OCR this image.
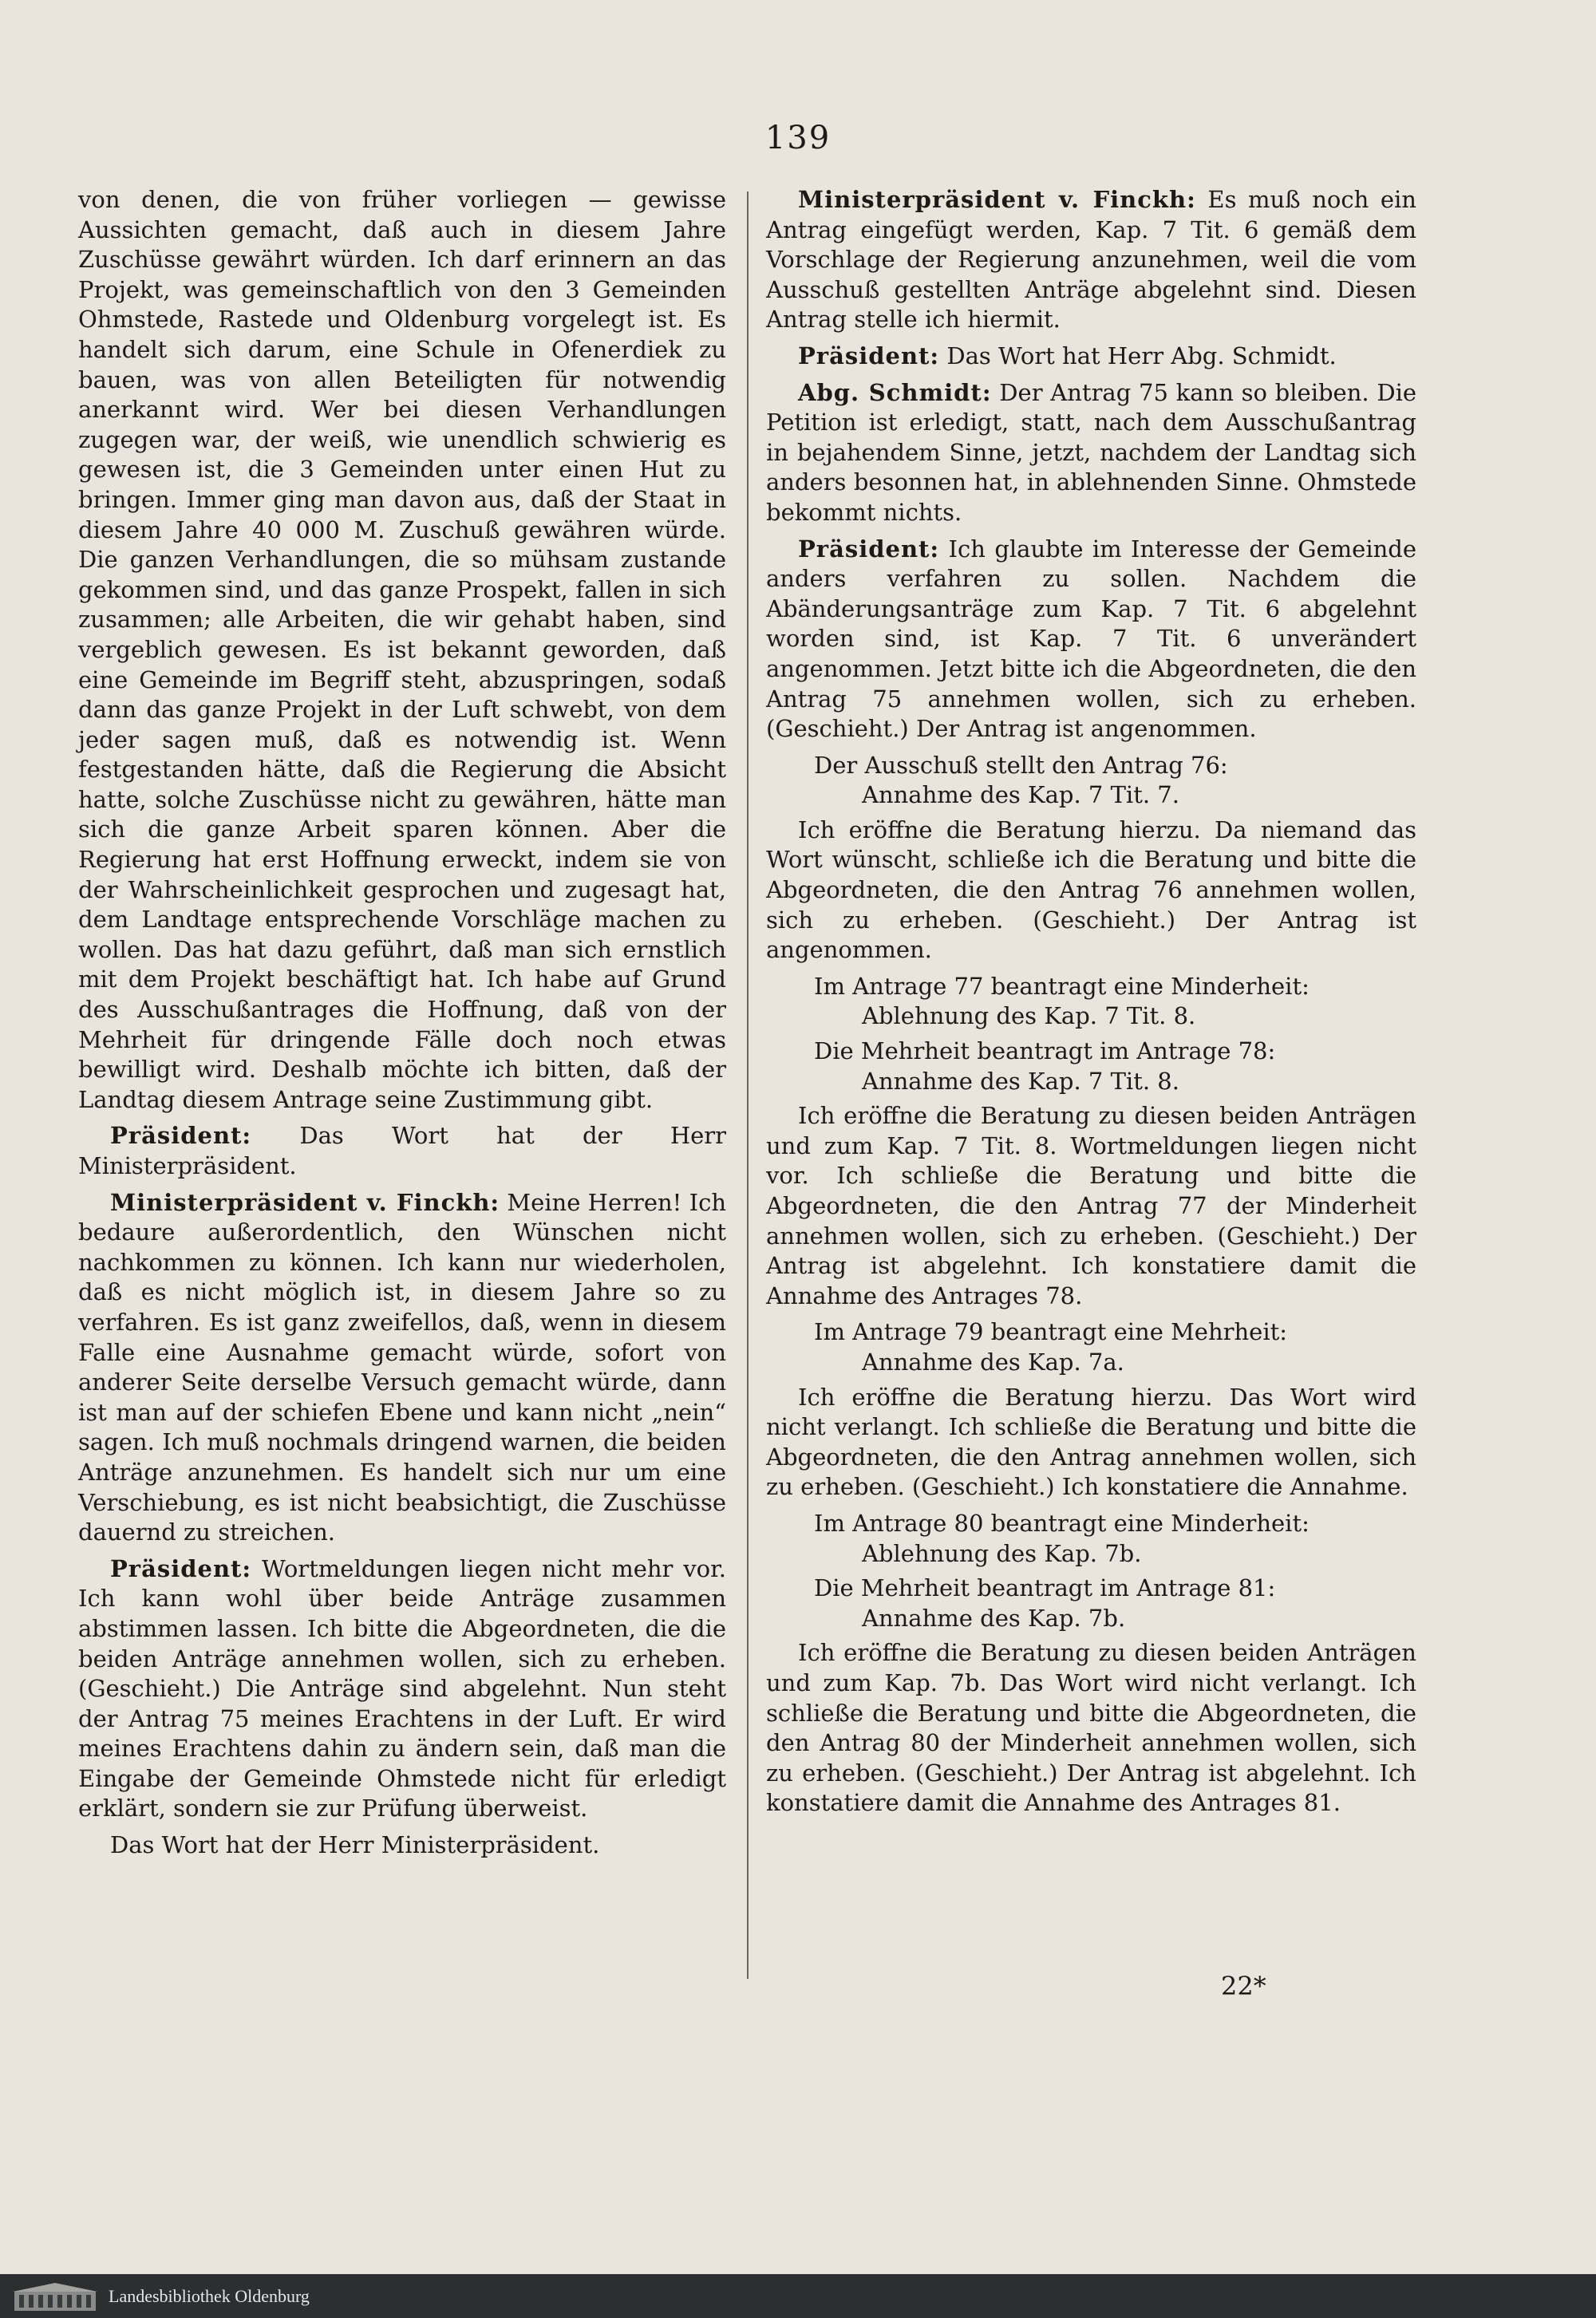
139

von denen, die von früher vorliegen — gewisse Aussichten gemacht, daß auch in diesem Jahre Zuschüsse gewährt würden. Ich darf erinnern an das Projekt, was gemeinschaftlich von den 3 Gemeinden Ohmstede, Rastede und Oldenburg vorgelegt ist. Es handelt sich darum, eine Schule in Ofenerdiek zu bauen, was von allen Beteiligten für notwendig anerkannt wird. Wer bei diesen Verhandlungen zugegen war, der weiß, wie unendlich schwierig es gewesen ist, die 3 Gemeinden unter einen Hut zu bringen. Immer ging man davon aus, daß der Staat in diesem Jahre 40 000 M. Zuschuß gewähren würde. Die ganzen Verhandlungen, die so mühsam zustande gekommen sind, und das ganze Prospekt, fallen in sich zusammen; alle Arbeiten, die wir gehabt haben, sind vergeblich gewesen. Es ist bekannt geworden, daß eine Gemeinde im Begriff steht, abzuspringen, sodaß dann das ganze Projekt in der Luft schwebt, von dem jeder sagen muß, daß es notwendig ist. Wenn festgestanden hätte, daß die Regierung die Absicht hatte, solche Zuschüsse nicht zu gewähren, hätte man sich die ganze Arbeit sparen können. Aber die Regierung hat erst Hoffnung erweckt, indem sie von der Wahrscheinlichkeit gesprochen und zugesagt hat, dem Landtage entsprechende Vorschläge machen zu wollen. Das hat dazu geführt, daß man sich ernstlich mit dem Projekt beschäftigt hat. Ich habe auf Grund des Ausschußantrages die Hoffnung, daß von der Mehrheit für dringende Fälle doch noch etwas bewilligt wird. Deshalb möchte ich bitten, daß der Landtag diesem Antrage seine Zustimmung gibt.

Präsident: Das Wort hat der Herr Ministerpräsident.

Ministerpräsident v. Finckh: Meine Herren! Ich bedaure außerordentlich, den Wünschen nicht nachkommen zu können. Ich kann nur wiederholen, daß es nicht möglich ist, in diesem Jahre so zu verfahren. Es ist ganz zweifellos, daß, wenn in diesem Falle eine Ausnahme gemacht würde, sofort von anderer Seite derselbe Versuch gemacht würde, dann ist man auf der schiefen Ebene und kann nicht „nein“ sagen. Ich muß nochmals dringend warnen, die beiden Anträge anzunehmen. Es handelt sich nur um eine Verschiebung, es ist nicht beabsichtigt, die Zuschüsse dauernd zu streichen.

Präsident: Wortmeldungen liegen nicht mehr vor. Ich kann wohl über beide Anträge zusammen abstimmen lassen. Ich bitte die Abgeordneten, die die beiden Anträge annehmen wollen, sich zu erheben. (Geschieht.) Die Anträge sind abgelehnt. Nun steht der Antrag 75 meines Erachtens in der Luft. Er wird meines Erachtens dahin zu ändern sein, daß man die Eingabe der Gemeinde Ohmstede nicht für erledigt erklärt, sondern sie zur Prüfung überweist.

Das Wort hat der Herr Ministerpräsident.

Ministerpräsident v. Finckh: Es muß noch ein Antrag eingefügt werden, Kap. 7 Tit. 6 gemäß dem Vorschlage der Regierung anzunehmen, weil die vom Ausschuß gestellten Anträge abgelehnt sind. Diesen Antrag stelle ich hiermit.

Präsident: Das Wort hat Herr Abg. Schmidt.

Abg. Schmidt: Der Antrag 75 kann so bleiben. Die Petition ist erledigt, statt, nach dem Ausschußantrag in bejahendem Sinne, jetzt, nachdem der Landtag sich anders besonnen hat, in ablehnenden Sinne. Ohmstede bekommt nichts.

Präsident: Ich glaubte im Interesse der Gemeinde anders verfahren zu sollen. Nachdem die Abänderungsanträge zum Kap. 7 Tit. 6 abgelehnt worden sind, ist Kap. 7 Tit. 6 unverändert angenommen. Jetzt bitte ich die Abgeordneten, die den Antrag 75 annehmen wollen, sich zu erheben. (Geschieht.) Der Antrag ist angenommen.

Der Ausschuß stellt den Antrag 76:
Annahme des Kap. 7 Tit. 7.

Ich eröffne die Beratung hierzu. Da niemand das Wort wünscht, schließe ich die Beratung und bitte die Abgeordneten, die den Antrag 76 annehmen wollen, sich zu erheben. (Geschieht.) Der Antrag ist angenommen.

Im Antrage 77 beantragt eine Minderheit:
Ablehnung des Kap. 7 Tit. 8.

Die Mehrheit beantragt im Antrage 78:
Annahme des Kap. 7 Tit. 8.

Ich eröffne die Beratung zu diesen beiden Anträgen und zum Kap. 7 Tit. 8. Wortmeldungen liegen nicht vor. Ich schließe die Beratung und bitte die Abgeordneten, die den Antrag 77 der Minderheit annehmen wollen, sich zu erheben. (Geschieht.) Der Antrag ist abgelehnt. Ich konstatiere damit die Annahme des Antrages 78.

Im Antrage 79 beantragt eine Mehrheit:
Annahme des Kap. 7a.

Ich eröffne die Beratung hierzu. Das Wort wird nicht verlangt. Ich schließe die Beratung und bitte die Abgeordneten, die den Antrag annehmen wollen, sich zu erheben. (Geschieht.) Ich konstatiere die Annahme.

Im Antrage 80 beantragt eine Minderheit:
Ablehnung des Kap. 7b.

Die Mehrheit beantragt im Antrage 81:
Annahme des Kap. 7b.

Ich eröffne die Beratung zu diesen beiden Anträgen und zum Kap. 7b. Das Wort wird nicht verlangt. Ich schließe die Beratung und bitte die Abgeordneten, die den Antrag 80 der Minderheit annehmen wollen, sich zu erheben. (Geschieht.) Der Antrag ist abgelehnt. Ich konstatiere damit die Annahme des Antrages 81.

22*
Landesbibliothek Oldenburg
